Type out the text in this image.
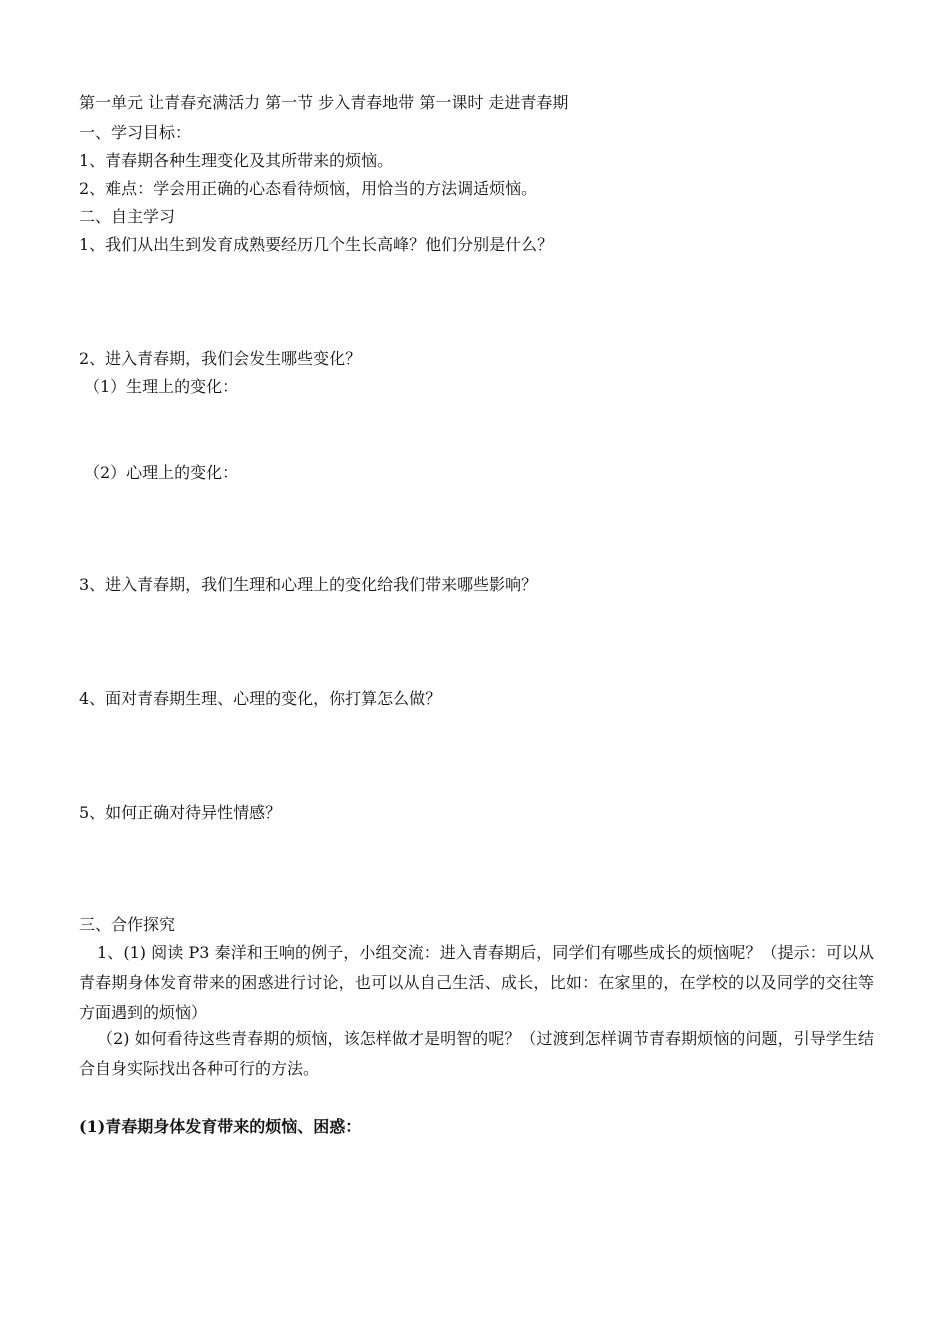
第一单元 让青春充满活力 第一节 步入青春地带 第一课时 走进青春期
一、学习目标：
1、青春期各种生理变化及其所带来的烦恼。
2、难点：学会用正确的心态看待烦恼，用恰当的方法调适烦恼。
二、自主学习
1、我们从出生到发育成熟要经历几个生长高峰？他们分别是什么？
2、进入青春期，我们会发生哪些变化？
（1）生理上的变化：
（2）心理上的变化：
3、进入青春期，我们生理和心理上的变化给我们带来哪些影响？
4、面对青春期生理、心理的变化，你打算怎么做？
5、如何正确对待异性情感？
三、合作探究
1、(1) 阅读 P3 秦洋和王响的例子，小组交流：进入青春期后，同学们有哪些成长的烦恼呢？（提示：可以从青春期身体发育带来的困惑进行讨论，也可以从自己生活、成长，比如：在家里的，在学校的以及同学的交往等方面遇到的烦恼）
（2) 如何看待这些青春期的烦恼，该怎样做才是明智的呢？（过渡到怎样调节青春期烦恼的问题，引导学生结合自身实际找出各种可行的方法。
(1)青春期身体发育带来的烦恼、困惑：
